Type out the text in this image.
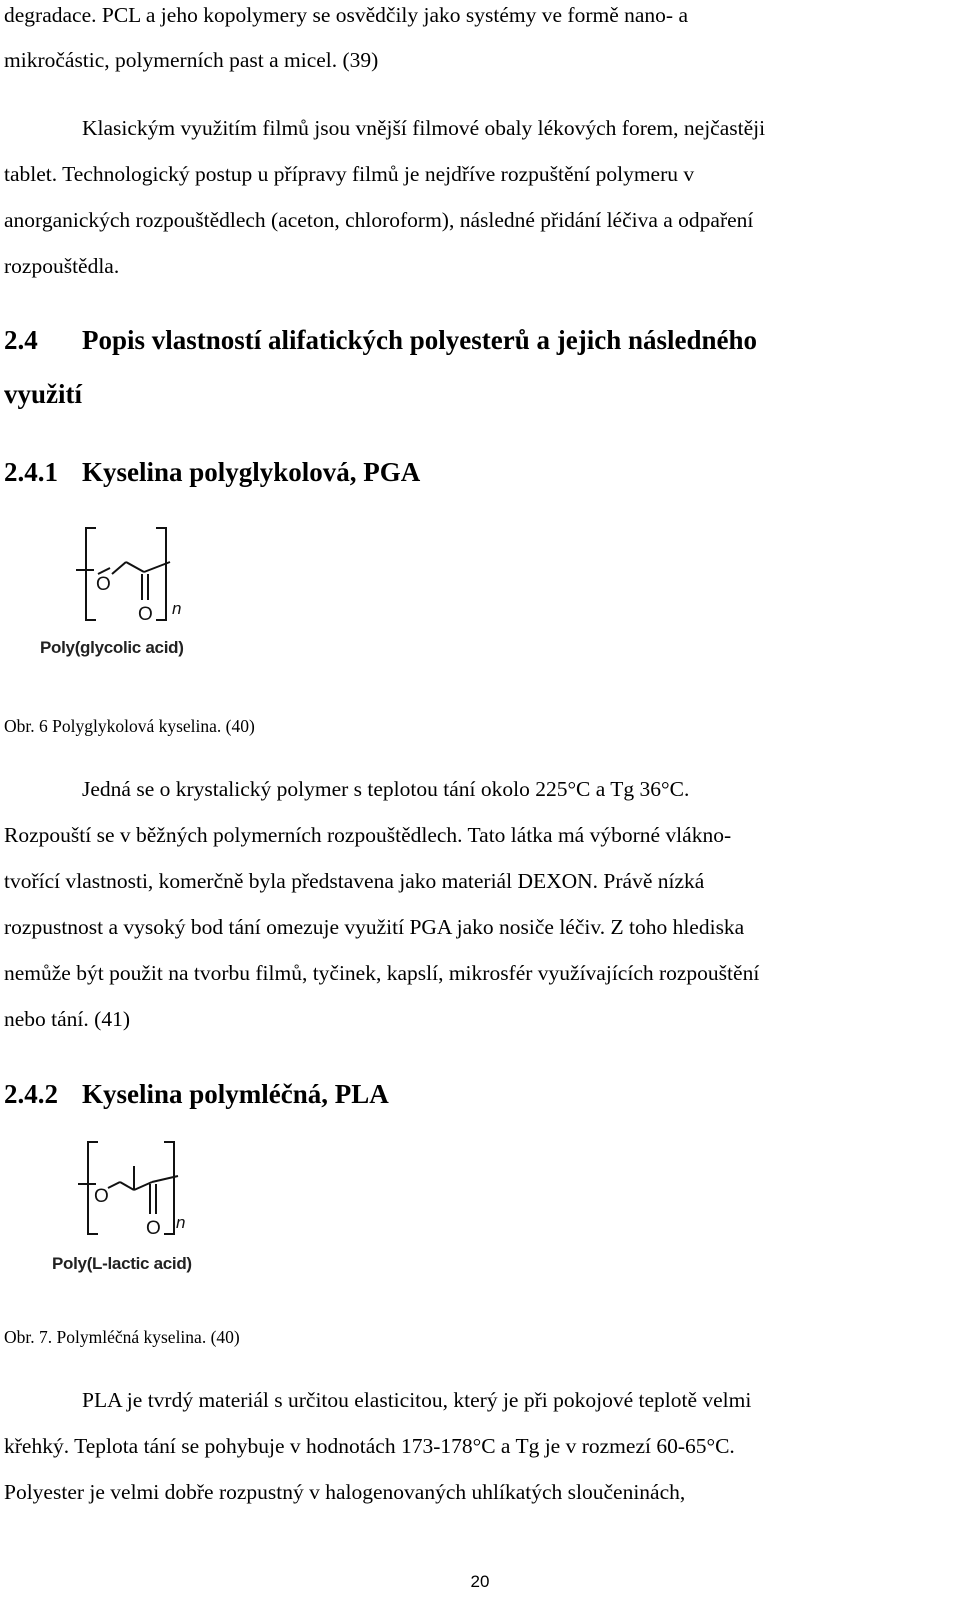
degradace. PCL a jeho kopolymery se osvědčily jako systémy ve formě nano- a
mikročástic, polymerních past a micel. (39)
Klasickým využitím filmů jsou vnější filmové obaly lékových forem, nejčastěji
tablet. Technologický postup u přípravy filmů je nejdříve rozpuštění polymeru v
anorganických rozpouštědlech (aceton, chloroform), následné přidání léčiva a odpaření
rozpouštědla.
2.4 Popis vlastností alifatických polyesterů a jejich následného
využití
2.4.1 Kyselina polyglykolová, PGA
O
O n
Poly(glycolic acid)
Obr. 6 Polyglykolová kyselina. (40)
Jedná se o krystalický polymer s teplotou tání okolo 225°C a Tg 36°C.
Rozpouští se v běžných polymerních rozpouštědlech. Tato látka má výborné vlákno-
tvořící vlastnosti, komerčně byla představena jako materiál DEXON. Právě nízká
rozpustnost a vysoký bod tání omezuje využití PGA jako nosiče léčiv. Z toho hlediska
nemůže být použit na tvorbu filmů, tyčinek, kapslí, mikrosfér využívajících rozpouštění
nebo tání. (41)
2.4.2 Kyselina polymléčná, PLA
O
O n
Poly(L-lactic acid)
Obr. 7. Polymléčná kyselina. (40)
PLA je tvrdý materiál s určitou elasticitou, který je při pokojové teplotě velmi
křehký. Teplota tání se pohybuje v hodnotách 173-178°C a Tg je v rozmezí 60-65°C.
Polyester je velmi dobře rozpustný v halogenovaných uhlíkatých sloučeninách,
20
